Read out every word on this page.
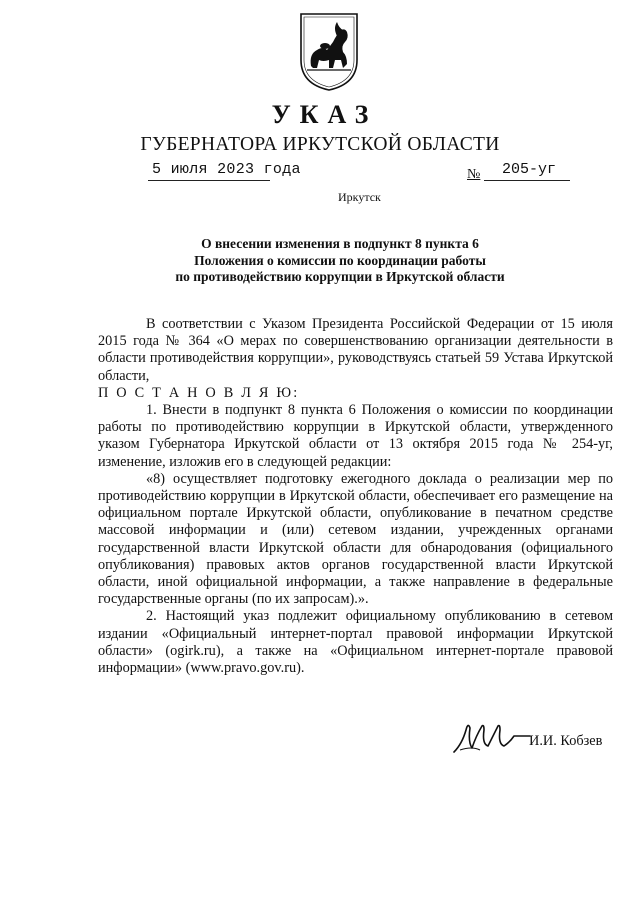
УКАЗ
ГУБЕРНАТОРА ИРКУТСКОЙ ОБЛАСТИ
5 июля 2023 года	№ 205-уг
Иркутск
О внесении изменения в подпункт 8 пункта 6
Положения о комиссии по координации работы
по противодействию коррупции в Иркутской области

В соответствии с Указом Президента Российской Федерации от 15 июля 2015 года № 364 «О мерах по совершенствованию организации деятельности в области противодействия коррупции», руководствуясь статьей 59 Устава Иркутской области,

П О С Т А Н О В Л Я Ю:

1. Внести в подпункт 8 пункта 6 Положения о комиссии по координации работы по противодействию коррупции в Иркутской области, утвержденного указом Губернатора Иркутской области от 13 октября 2015 года № 254-уг, изменение, изложив его в следующей редакции:

«8) осуществляет подготовку ежегодного доклада о реализации мер по противодействию коррупции в Иркутской области, обеспечивает его размещение на официальном портале Иркутской области, опубликование в печатном средстве массовой информации и (или) сетевом издании, учрежденных органами государственной власти Иркутской области для обнародования (официального опубликования) правовых актов органов государственной власти Иркутской области, иной официальной информации, а также направление в федеральные государственные органы (по их запросам).».

2. Настоящий указ подлежит официальному опубликованию в сетевом издании «Официальный интернет-портал правовой информации Иркутской области» (ogirk.ru), а также на «Официальном интернет-портале правовой информации» (www.pravo.gov.ru).

И.И. Кобзев
